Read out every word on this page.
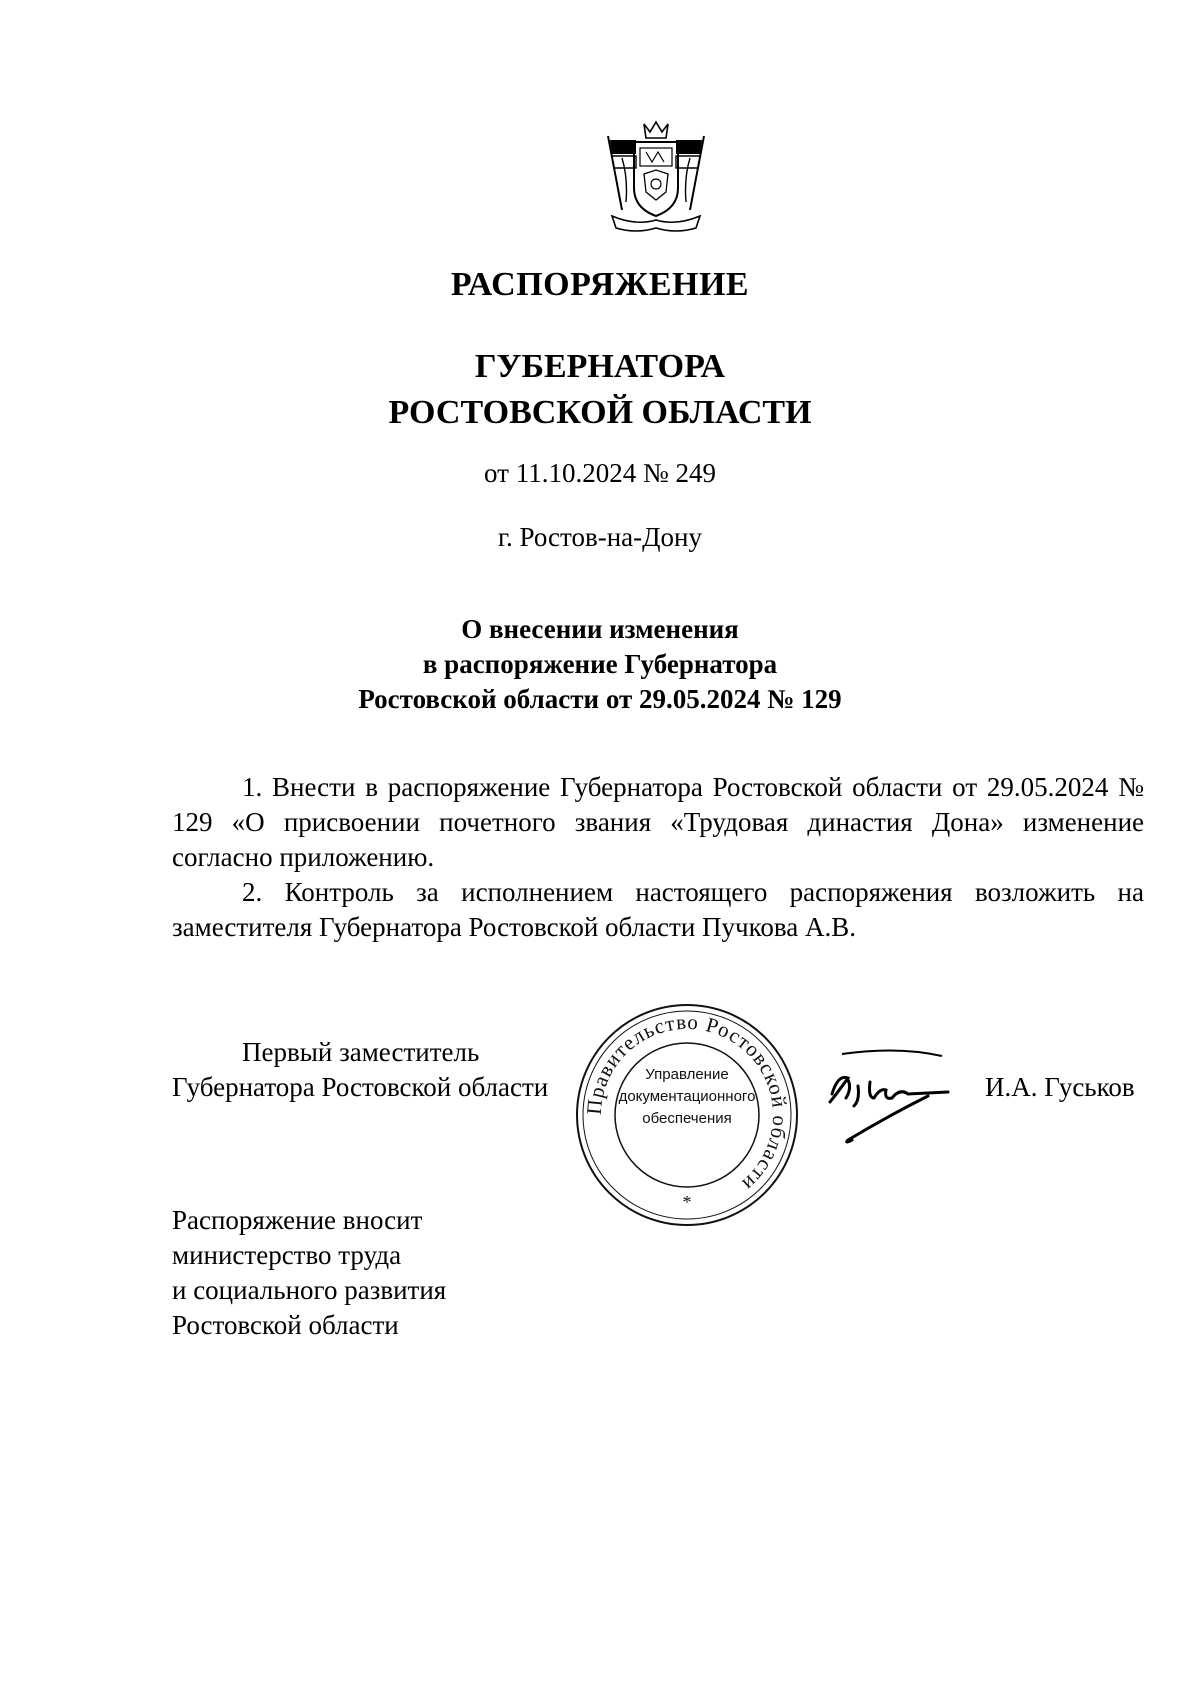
РАСПОРЯЖЕНИЕ
ГУБЕРНАТОРА
РОСТОВСКОЙ ОБЛАСТИ
от 11.10.2024 № 249
г. Ростов-на-Дону
О внесении изменения
в распоряжение Губернатора
Ростовской области от 29.05.2024 № 129

1. Внести в распоряжение Губернатора Ростовской области от 29.05.2024 № 129 «О присвоении почетного звания «Трудовая династия Дона» изменение согласно приложению.

2. Контроль за исполнением настоящего распоряжения возложить на заместителя Губернатора Ростовской области Пучкова А.В.

Первый заместитель
Губернатора Ростовской области
Правительство Ростовской области
*
Управление
документационного
обеспечения
И.А. Гуськов
Распоряжение вносит
министерство труда
и социального развития
Ростовской области
